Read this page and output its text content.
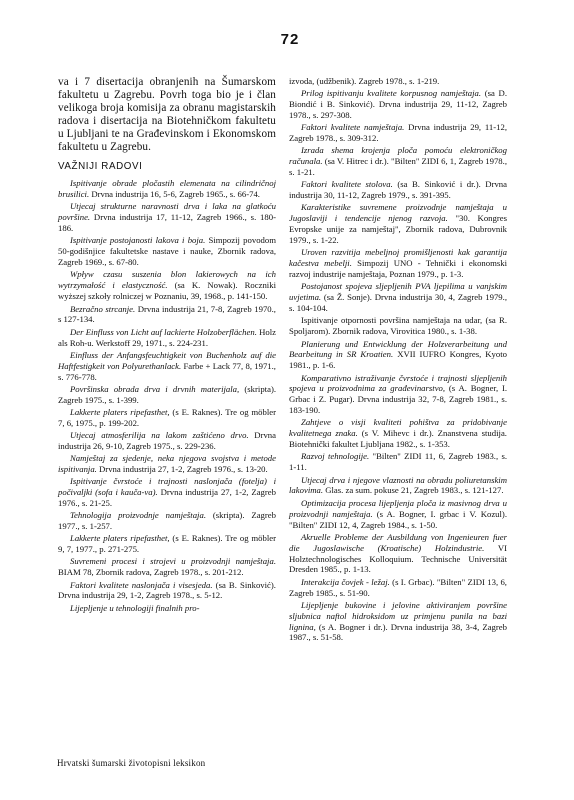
72

va i 7 disertacija obranjenih na Šumarskom fakultetu u Zagrebu. Povrh toga bio je i član velikoga broja komisija za obranu magistarskih radova i disertacija na Biotehničkom fakultetu u Ljubljani te na Građevinskom i Ekonomskom fakultetu u Zagrebu.

VAŽNIJI RADOVI

Ispitivanje obrade pločastih elemenata na cilindričnoj brusilici. Drvna industrija 16, 5-6, Zagreb 1965., s. 66-74.

Utjecaj strukturne naravnosti drva i laka na glatkoću površine. Drvna industrija 17, 11-12, Zagreb 1966., s. 180-186.

Ispitivanje postojanosti lakova i boja. Simpozij povodom 50-godišnjice fakultetske nastave i nauke, Zbornik radova, Zagreb 1969., s. 67-80.

Wpływ czasu suszenia blon lakierowych na ich wytrzymałość i elastyczność. (sa K. Nowak). Roczniki wyższej szkoły rolniczej w Poznaniu, 39, 1968., p. 141-150.

Bezračno strcanje. Drvna industrija 21, 7-8, Zagreb 1970., s 127-134.

Der Einfluss von Licht auf lackierte Holzoberflächen. Holz als Roh-u. Werkstoff 29, 1971., s. 224-231.

Einfluss der Anfangsfeuchtigkeit von Buchenholz auf die Haftfestigkeit von Polyurethanlack. Farbe + Lack 77, 8, 1971., s. 776-778.

Površinska obrada drva i drvnih materijala, (skripta). Zagreb 1975., s. 1-399.

Lakkerte platers ripefasthet, (s E. Raknes). Tre og möbler 7, 6, 1975., p. 199-202.

Utjecaj atmosferilija na lakom zaštićeno drvo. Drvna industrija 26, 9-10, Zagreb 1975., s. 229-236.

Namještaj za sjedenje, neka njegova svojstva i metode ispitivanja. Drvna industrija 27, 1-2, Zagreb 1976., s. 13-20.

Ispitivanje čvrstoće i trajnosti naslonjača (fotelja) i počivaljki (sofa i kauča-va). Drvna industrija 27, 1-2, Zagreb 1976., s. 21-25.

Tehnologija proizvodnje namještaja. (skripta). Zagreb 1977., s. 1-257.

Lakkerte platers ripefasthet, (s E. Raknes). Tre og möbler 9, 7, 1977., p. 271-275.

Suvremeni procesi i strojevi u proizvodnji namještaja. BIAM 78, Zbornik radova, Zagreb 1978., s. 201-212.

Faktori kvalitete naslonjača i visesjeda. (sa B. Sinković). Drvna industrija 29, 1-2, Zagreb 1978., s. 5-12.

Lijepljenje u tehnologiji finalnih pro-

izvoda, (udžbenik). Zagreb 1978., s. 1-219.

Prilog ispitivanju kvalitete korpusnog namještaja. (sa D. Biondić i B. Sinković). Drvna industrija 29, 11-12, Zagreb 1978., s. 297-308.

Faktori kvalitete namještaja. Drvna industrija 29, 11-12, Zagreb 1978., s. 309-312.

Izrada shema krojenja ploča pomoću elektroničkog računala. (sa V. Hitrec i dr.). "Bilten" ZIDI 6, 1, Zagreb 1978., s. 1-21.

Faktori kvalitete stolova. (sa B. Sinković i dr.). Drvna industrija 30, 11-12, Zagreb 1979., s. 391-395.

Karakteristike suvremene proizvodnje namještaja u Jugoslaviji i tendencije njenog razvoja. "30. Kongres Evropske unije za namještaj", Zbornik radova, Dubrovnik 1979., s. 1-22.

Uroven razvitija mebeljnoj promišljenosti kak garantija kačestva mebelji. Simpozij UNO - Tehnički i ekonomski razvoj industrije namještaja, Poznan 1979., p. 1-3.

Postojanost spojeva sljepljenih PVA ljepilima u vanjskim uvjetima. (sa Ž. Sonje). Drvna industrija 30, 4, Zagreb 1979., s. 104-104.

Ispitivanje otpornosti površina namještaja na udar, (sa R. Spoljarom). Zbornik radova, Virovitica 1980., s. 1-38.

Planierung und Entwicklung der Holzverarbeitung und Bearbeitung in SR Kroatien. XVII IUFRO Kongres, Kyoto 1981., p. 1-6.

Komparativno istraživanje čvrstoće i trajnosti sljepljenih spojeva u proizvodnima za građevinarstvo, (s A. Bogner, I. Grbac i Z. Pugar). Drvna industrija 32, 7-8, Zagreb 1981., s. 183-190.

Zahtjeve o visji kvaliteti pohištva za pridobivanje kvalitetnega znaka. (s V. Mihevc i dr.). Znanstvena studija. Biotehnički fakultet Ljubljana 1982., s. 1-353.

Razvoj tehnologije. "Bilten" ZIDI 11, 6, Zagreb 1983., s. 1-11.

Utjecaj drva i njegove vlaznosti na obradu poliuretanskim lakovima. Glas. za sum. pokuse 21, Zagreb 1983., s. 121-127.

Optimizacija procesa lijepljenja ploča iz masivnog drva u proizvodnji namještaja. (s A. Bogner, I. grbac i V. Kozul). "Bilten" ZIDI 12, 4, Zagreb 1984., s. 1-50.

Akruelle Probleme der Ausbildung von Ingenieuren fuer die Jugoslawische (Kroatische) Holzindustrie. VI Holztechnologisches Kolloquium. Technische Universität Dresden 1985., p. 1-13.

Interakcija čovjek - ležaj. (s I. Grbac). "Bilten" ZIDI 13, 6, Zagreb 1985., s. 51-90.

Lijepljenje bukovine i jelovine aktiviranjem površine sljubnica naftol hidroksidom uz primjenu punila na bazi lignina, (s A. Bogner i dr.). Drvna industrija 38, 3-4, Zagreb 1987., s. 51-58.

Hrvatski šumarski životopisni leksikon
